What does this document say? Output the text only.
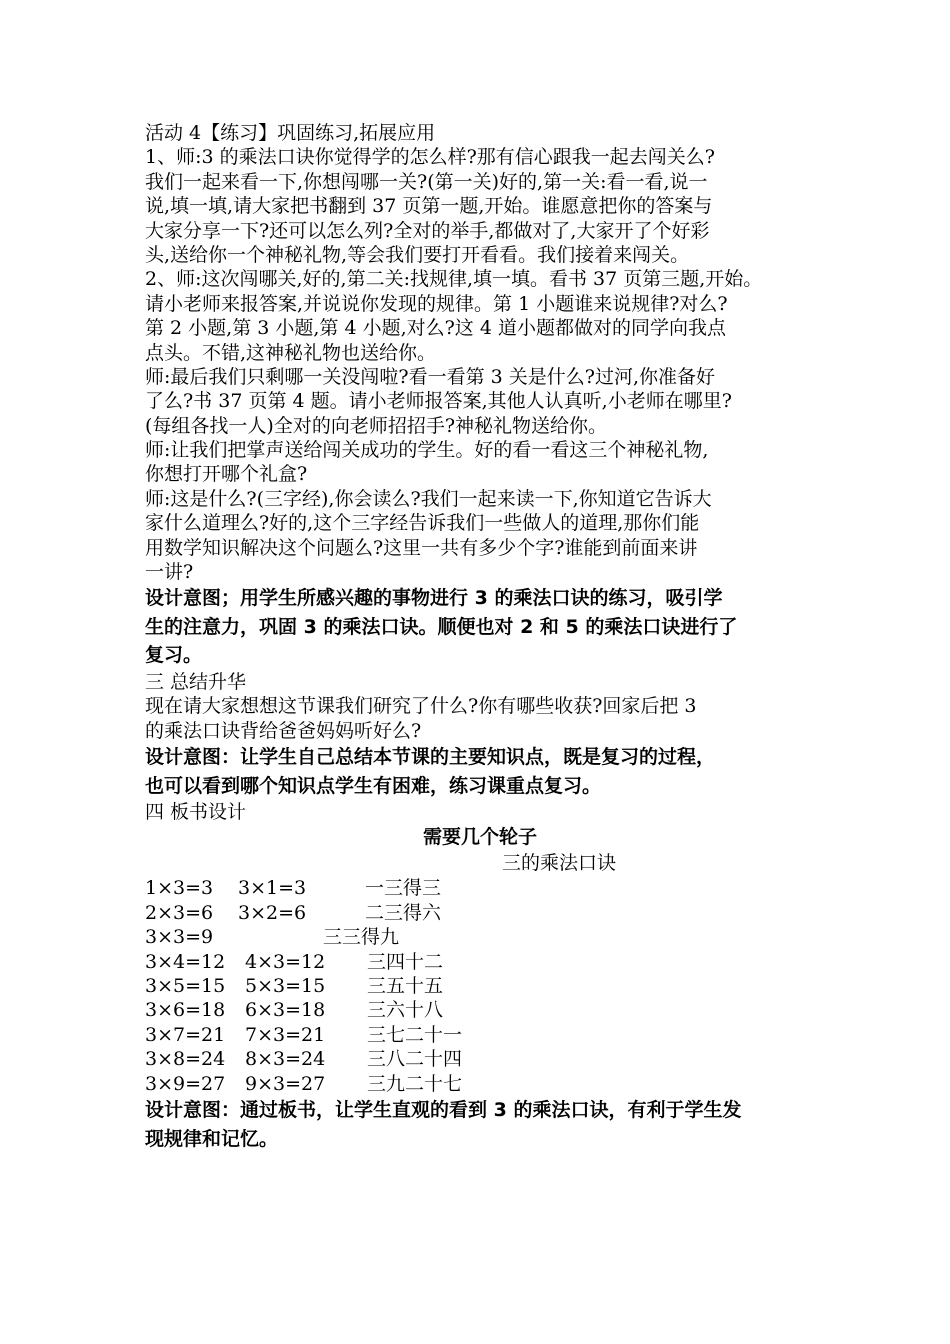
活动 4【练习】巩固练习,拓展应用
1、师:3 的乘法口诀你觉得学的怎么样?那有信心跟我一起去闯关么?
我们一起来看一下,你想闯哪一关?(第一关)好的,第一关:看一看,说一
说,填一填,请大家把书翻到 37 页第一题,开始。谁愿意把你的答案与
大家分享一下?还可以怎么列?全对的举手,都做对了,大家开了个好彩
头,送给你一个神秘礼物,等会我们要打开看看。我们接着来闯关。
2、师:这次闯哪关,好的,第二关:找规律,填一填。看书 37 页第三题,开始。
请小老师来报答案,并说说你发现的规律。第 1 小题谁来说规律?对么?
第 2 小题,第 3 小题,第 4 小题,对么?这 4 道小题都做对的同学向我点
点头。不错,这神秘礼物也送给你。
师:最后我们只剩哪一关没闯啦?看一看第 3 关是什么?过河,你准备好
了么?书 37 页第 4 题。请小老师报答案,其他人认真听,小老师在哪里?
(每组各找一人)全对的向老师招招手?神秘礼物送给你。
师:让我们把掌声送给闯关成功的学生。好的看一看这三个神秘礼物,
你想打开哪个礼盒?
师:这是什么?(三字经),你会读么?我们一起来读一下,你知道它告诉大
家什么道理么?好的,这个三字经告诉我们一些做人的道理,那你们能
用数学知识解决这个问题么?这里一共有多少个字?谁能到前面来讲
一讲?
设计意图；用学生所感兴趣的事物进行 3 的乘法口诀的练习，吸引学
生的注意力，巩固 3 的乘法口诀。顺便也对 2 和 5 的乘法口诀进行了
复习。
三 总结升华
现在请大家想想这节课我们研究了什么?你有哪些收获?回家后把 3
的乘法口诀背给爸爸妈妈听好么?
设计意图：让学生自己总结本节课的主要知识点，既是复习的过程，
也可以看到哪个知识点学生有困难，练习课重点复习。
四 板书设计
需要几个轮子
三的乘法口诀
1×3=3 3×1=3	一三得三
2×3=6 3×2=6	二三得六
3×3=9	三三得九
3×4=12 4×3=12 三四十二
3×5=15 5×3=15 三五十五
3×6=18 6×3=18 三六十八
3×7=21 7×3=21 三七二十一
3×8=24 8×3=24 三八二十四
3×9=27 9×3=27 三九二十七
设计意图：通过板书，让学生直观的看到 3 的乘法口诀，有利于学生发
现规律和记忆。
